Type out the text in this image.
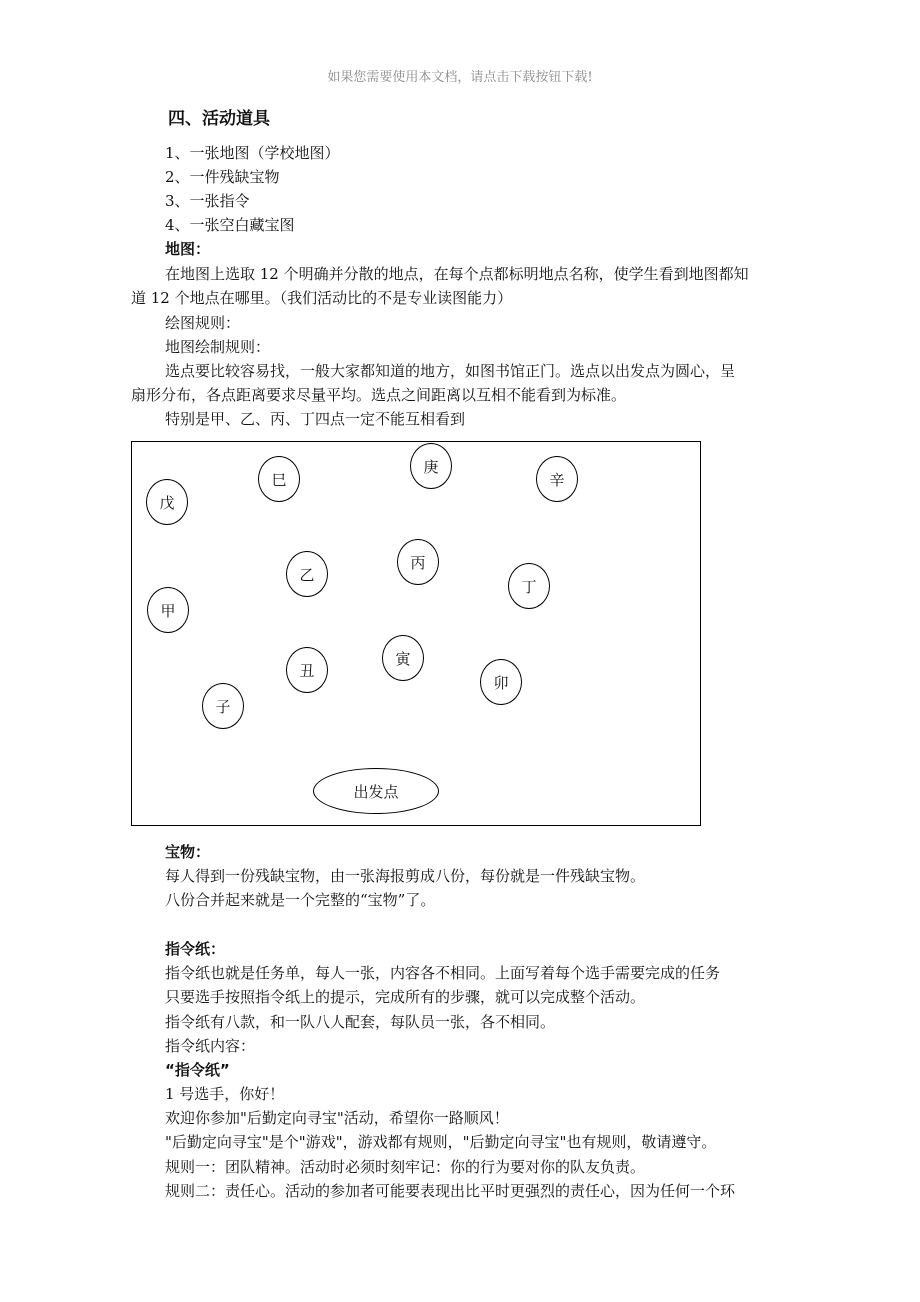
如果您需要使用本文档，请点击下载按钮下载!
四、活动道具
1、一张地图（学校地图）
2、一件残缺宝物
3、一张指令
4、一张空白藏宝图
地图：
在地图上选取 12 个明确并分散的地点，在每个点都标明地点名称，使学生看到地图都知
道 12 个地点在哪里。（我们活动比的不是专业读图能力）
绘图规则：
地图绘制规则：
选点要比较容易找，一般大家都知道的地方，如图书馆正门。选点以出发点为圆心，呈
扇形分布，各点距离要求尽量平均。选点之间距离以互相不能看到为标准。
特别是甲、乙、丙、丁四点一定不能互相看到
戊
巳
庚
辛
乙
丙
丁
甲
丑
寅
卯
子
出发点
宝物：
每人得到一份残缺宝物，由一张海报剪成八份，每份就是一件残缺宝物。
八份合并起来就是一个完整的“宝物”了。
指令纸：
指令纸也就是任务单，每人一张，内容各不相同。上面写着每个选手需要完成的任务
只要选手按照指令纸上的提示，完成所有的步骤，就可以完成整个活动。
指令纸有八款，和一队八人配套，每队员一张，各不相同。
指令纸内容：
“指令纸”
1 号选手，你好！
欢迎你参加"后勤定向寻宝"活动，希望你一路顺风！
"后勤定向寻宝"是个"游戏"，游戏都有规则，"后勤定向寻宝"也有规则，敬请遵守。
规则一：团队精神。活动时必须时刻牢记：你的行为要对你的队友负责。
规则二：责任心。活动的参加者可能要表现出比平时更强烈的责任心，因为任何一个环
